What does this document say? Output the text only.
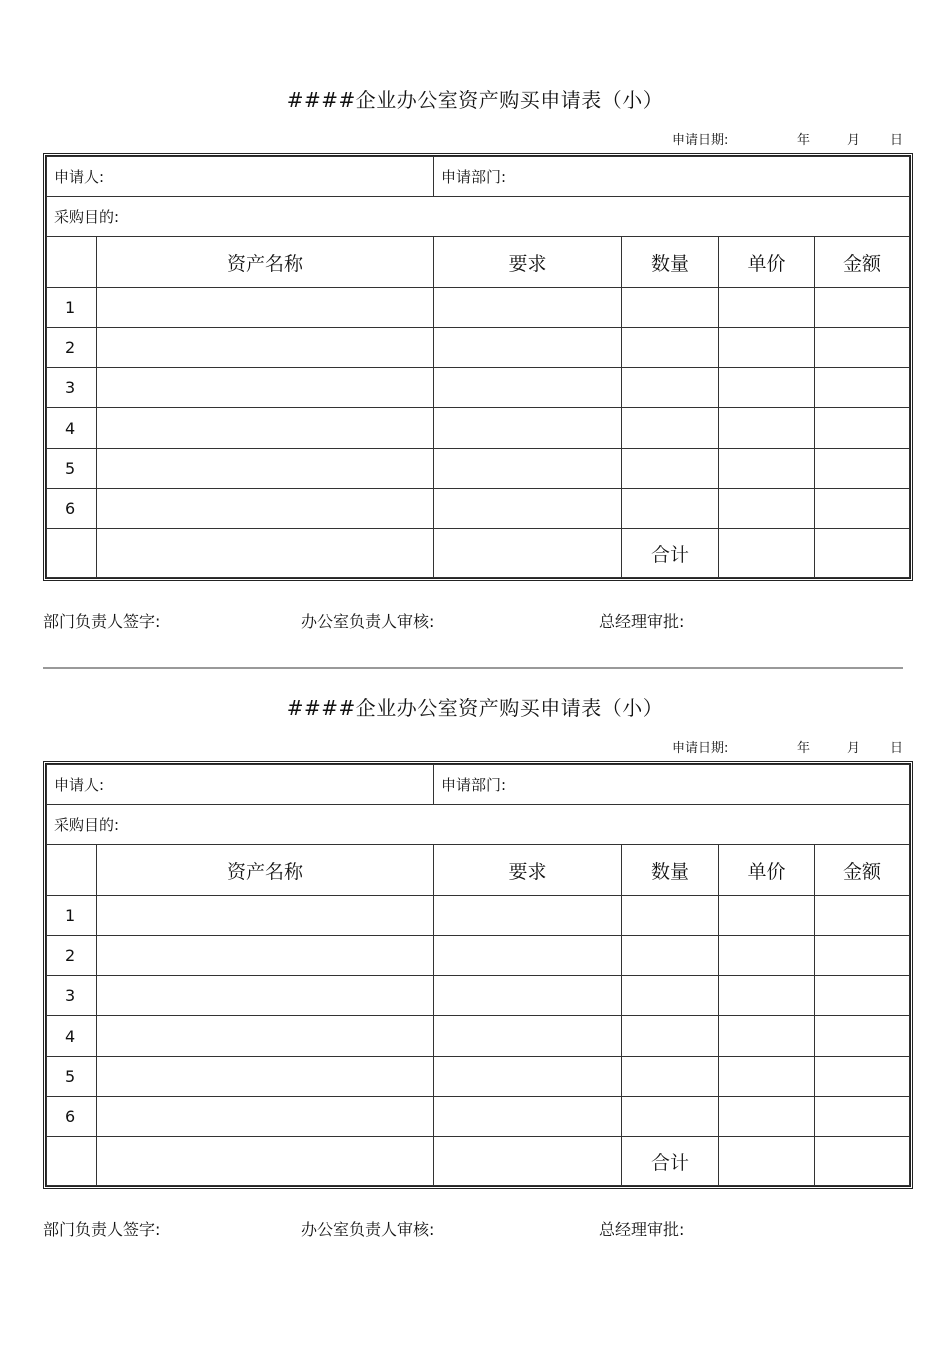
####企业办公室资产购买申请表（小）
申请日期:	年	月 日
申请人:		申请部门:			
采购目的:					
	资产名称	要求	数量	单价	金额
1					
2					
3					
4					
5					
6					
			合计		
部门负责人签字:	办公室负责人审核:	总经理审批:
####企业办公室资产购买申请表（小）
申请日期:	年	月 日
申请人:		申请部门:			
采购目的:					
	资产名称	要求	数量	单价	金额
1					
2					
3					
4					
5					
6					
			合计		
部门负责人签字:	办公室负责人审核:	总经理审批:
